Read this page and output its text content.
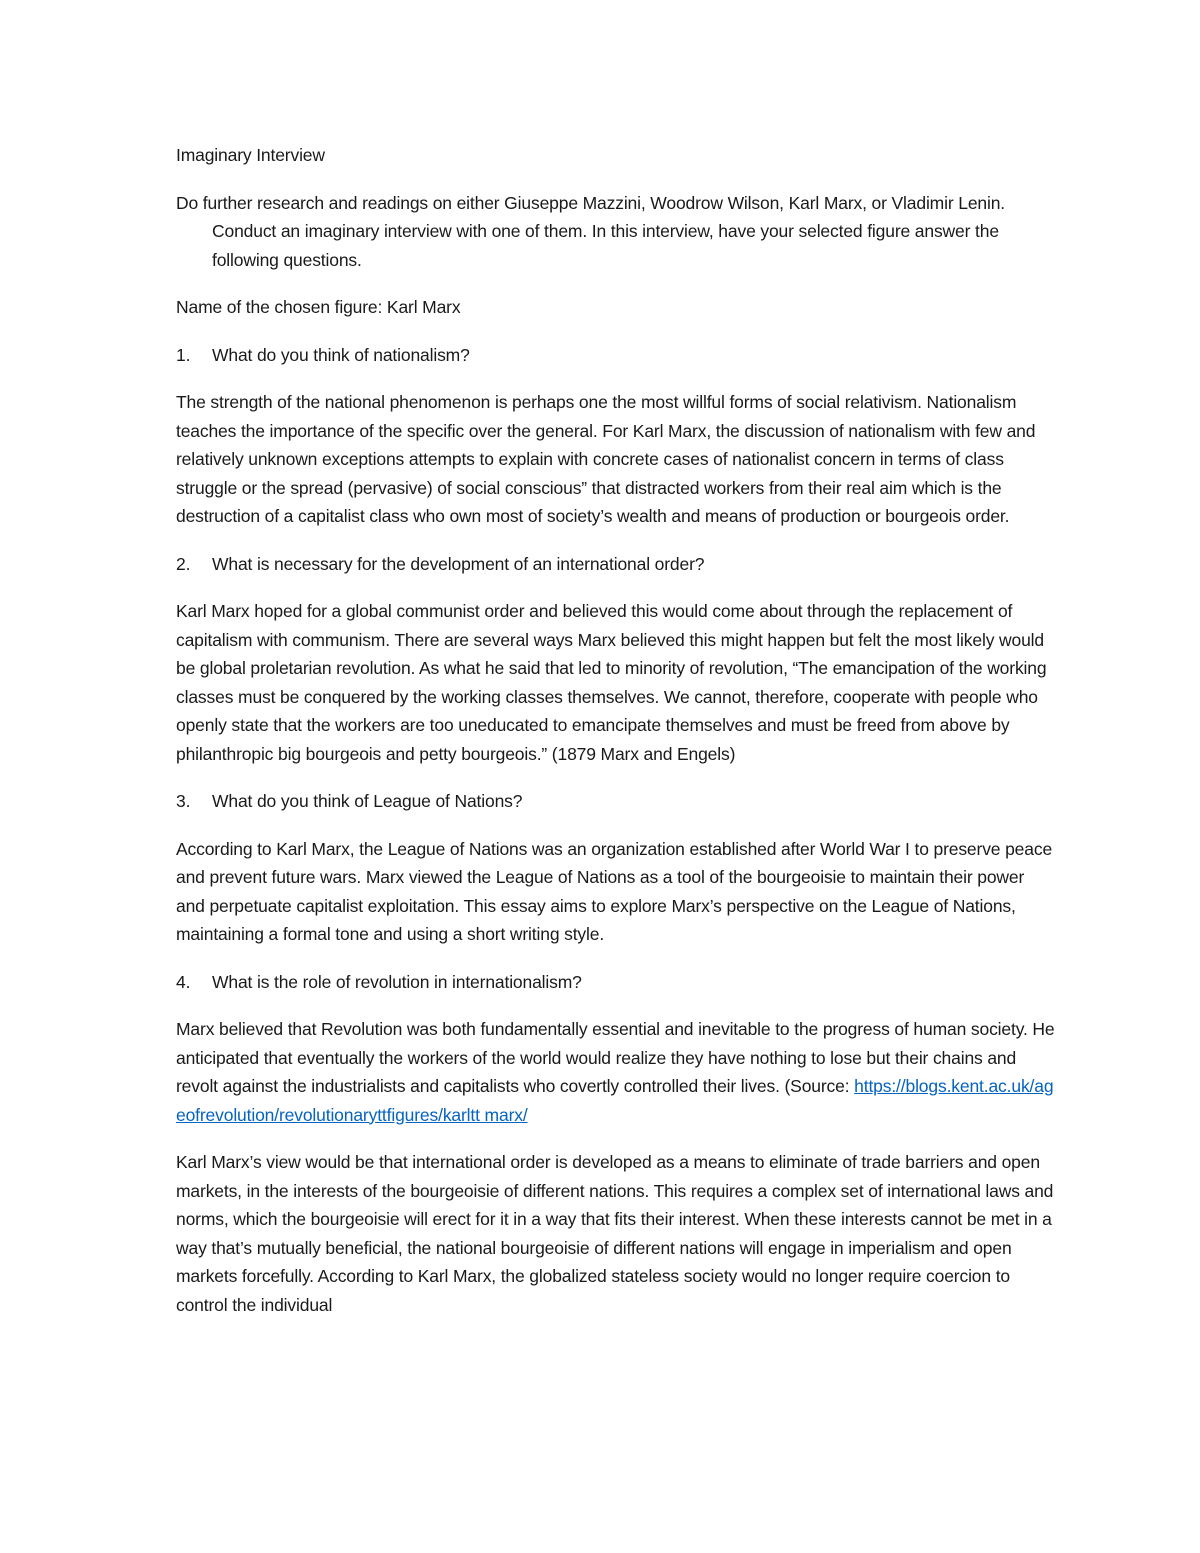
Imaginary Interview

Do further research and readings on either Giuseppe Mazzini, Woodrow Wilson, Karl Marx, or Vladimir Lenin. Conduct an imaginary interview with one of them. In this interview, have your selected figure answer the following questions.

Name of the chosen figure: Karl Marx

1.	What do you think of nationalism?

The strength of the national phenomenon is perhaps one the most willful forms of social relativism. Nationalism teaches the importance of the specific over the general. For Karl Marx, the discussion of nationalism with few and relatively unknown exceptions attempts to explain with concrete cases of nationalist concern in terms of class struggle or the spread (pervasive) of social conscious” that distracted workers from their real aim which is the destruction of a capitalist class who own most of society’s wealth and means of production or bourgeois order.

2.	What is necessary for the development of an international order?

Karl Marx hoped for a global communist order and believed this would come about through the replacement of capitalism with communism. There are several ways Marx believed this might happen but felt the most likely would be global proletarian revolution. As what he said that led to minority of revolution, “The emancipation of the working classes must be conquered by the working classes themselves. We cannot, therefore, cooperate with people who openly state that the workers are too uneducated to emancipate themselves and must be freed from above by philanthropic big bourgeois and petty bourgeois.” (1879 Marx and Engels)

3.	What do you think of League of Nations?

According to Karl Marx, the League of Nations was an organization established after World War I to preserve peace and prevent future wars. Marx viewed the League of Nations as a tool of the bourgeoisie to maintain their power and perpetuate capitalist exploitation. This essay aims to explore Marx’s perspective on the League of Nations, maintaining a formal tone and using a short writing style.

4.	What is the role of revolution in internationalism?

Marx believed that Revolution was both fundamentally essential and inevitable to the progress of human society. He anticipated that eventually the workers of the world would realize they have nothing to lose but their chains and revolt against the industrialists and capitalists who covertly controlled their lives. (Source: https://blogs.kent.ac.uk/ageofrevolution/revolutionaryttfigures/karltt marx/

Karl Marx’s view would be that international order is developed as a means to eliminate of trade barriers and open markets, in the interests of the bourgeoisie of different nations. This requires a complex set of international laws and norms, which the bourgeoisie will erect for it in a way that fits their interest. When these interests cannot be met in a way that’s mutually beneficial, the national bourgeoisie of different nations will engage in imperialism and open markets forcefully. According to Karl Marx, the globalized stateless society would no longer require coercion to control the individual
